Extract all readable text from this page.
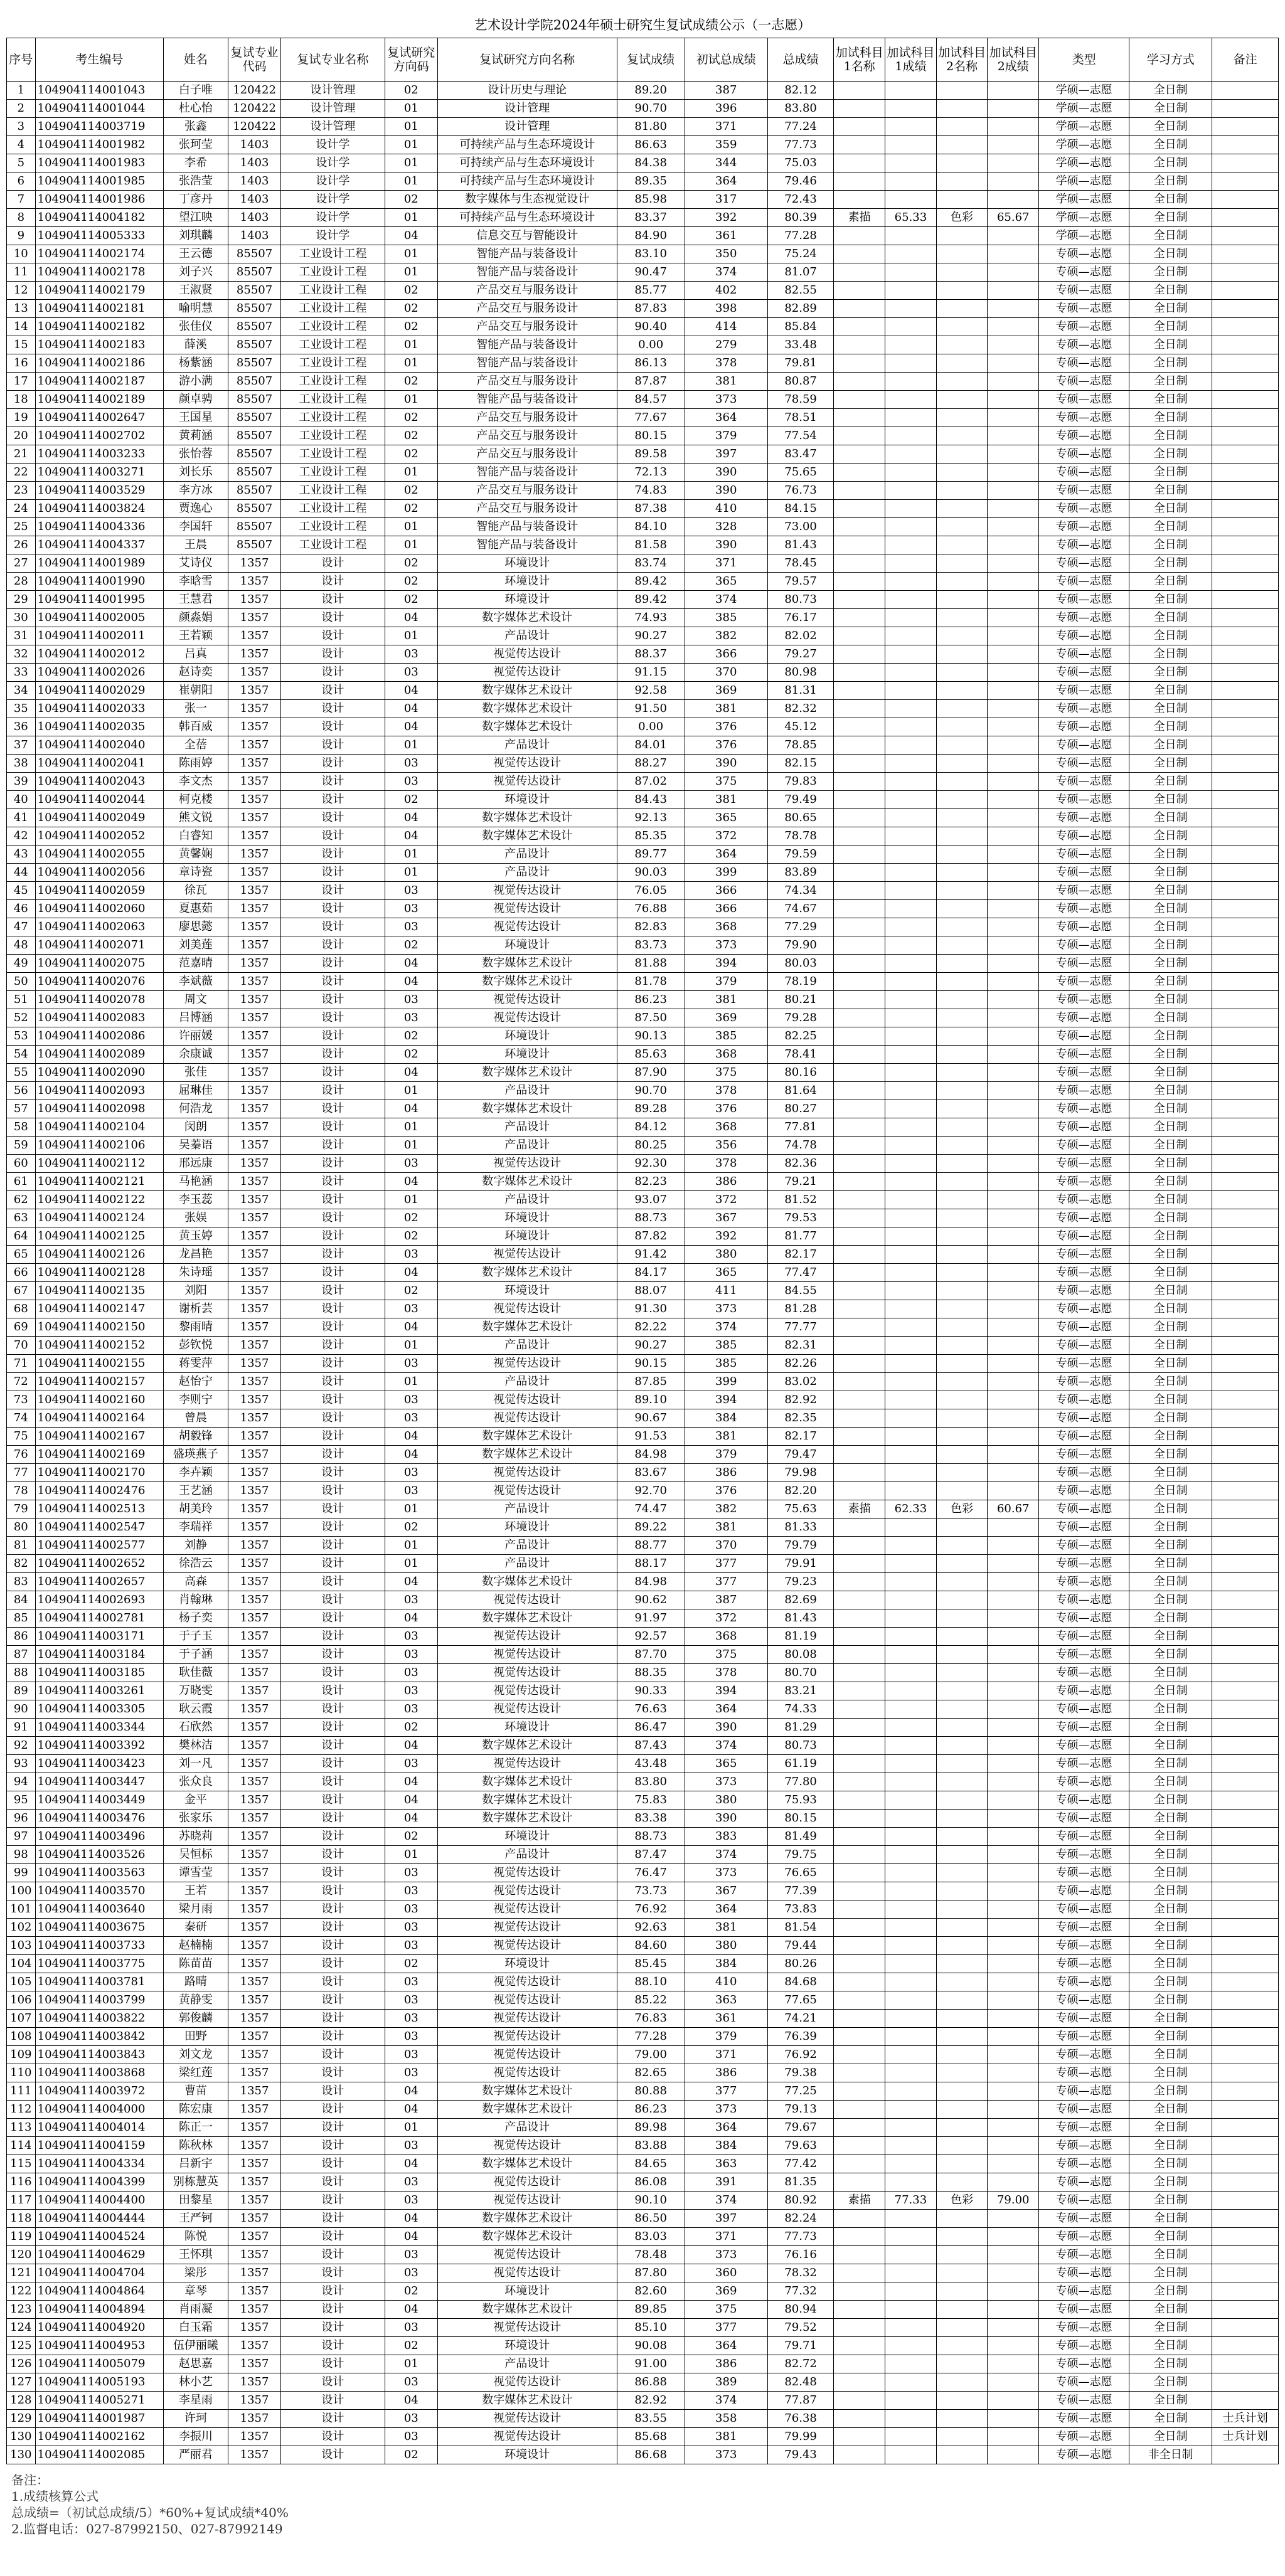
艺术设计学院2024年硕士研究生复试成绩公示（一志愿）
序号	考生编号	姓名	复试专业代码	复试专业名称	复试研究方向码	复试研究方向名称	复试成绩	初试总成绩	总成绩	加试科目1名称	加试科目1成绩	加试科目2名称	加试科目2成绩	类型	学习方式	备注
1	104904114001043	白子唯	120422	设计管理	02	设计历史与理论	89.20	387	82.12					学硕—志愿	全日制	
2	104904114001044	杜心怡	120422	设计管理	01	设计管理	90.70	396	83.80					学硕—志愿	全日制	
3	104904114003719	张鑫	120422	设计管理	01	设计管理	81.80	371	77.24					学硕—志愿	全日制	
4	104904114001982	张珂莹	1403	设计学	01	可持续产品与生态环境设计	86.63	359	77.73					学硕—志愿	全日制	
5	104904114001983	李希	1403	设计学	01	可持续产品与生态环境设计	84.38	344	75.03					学硕—志愿	全日制	
6	104904114001985	张浩莹	1403	设计学	01	可持续产品与生态环境设计	89.35	364	79.46					学硕—志愿	全日制	
7	104904114001986	丁彦丹	1403	设计学	02	数字媒体与生态视觉设计	85.98	317	72.43					学硕—志愿	全日制	
8	104904114004182	望江映	1403	设计学	01	可持续产品与生态环境设计	83.37	392	80.39	素描	65.33	色彩	65.67	学硕—志愿	全日制	
9	104904114005333	刘琪麟	1403	设计学	04	信息交互与智能设计	84.90	361	77.28					学硕—志愿	全日制	
10	104904114002174	王云德	85507	工业设计工程	01	智能产品与装备设计	83.10	350	75.24					专硕—志愿	全日制	
11	104904114002178	刘子兴	85507	工业设计工程	01	智能产品与装备设计	90.47	374	81.07					专硕—志愿	全日制	
12	104904114002179	王淑贤	85507	工业设计工程	02	产品交互与服务设计	85.77	402	82.55					专硕—志愿	全日制	
13	104904114002181	喻明慧	85507	工业设计工程	02	产品交互与服务设计	87.83	398	82.89					专硕—志愿	全日制	
14	104904114002182	张佳仪	85507	工业设计工程	02	产品交互与服务设计	90.40	414	85.84					专硕—志愿	全日制	
15	104904114002183	薛溪	85507	工业设计工程	01	智能产品与装备设计	0.00	279	33.48					专硕—志愿	全日制	
16	104904114002186	杨紫涵	85507	工业设计工程	01	智能产品与装备设计	86.13	378	79.81					专硕—志愿	全日制	
17	104904114002187	游小满	85507	工业设计工程	02	产品交互与服务设计	87.87	381	80.87					专硕—志愿	全日制	
18	104904114002189	颜卓骋	85507	工业设计工程	01	智能产品与装备设计	84.57	373	78.59					专硕—志愿	全日制	
19	104904114002647	王国星	85507	工业设计工程	02	产品交互与服务设计	77.67	364	78.51					专硕—志愿	全日制	
20	104904114002702	黄莉涵	85507	工业设计工程	02	产品交互与服务设计	80.15	379	77.54					专硕—志愿	全日制	
21	104904114003233	张怡蓉	85507	工业设计工程	02	产品交互与服务设计	89.58	397	83.47					专硕—志愿	全日制	
22	104904114003271	刘长乐	85507	工业设计工程	01	智能产品与装备设计	72.13	390	75.65					专硕—志愿	全日制	
23	104904114003529	李方冰	85507	工业设计工程	02	产品交互与服务设计	74.83	390	76.73					专硕—志愿	全日制	
24	104904114003824	贾逸心	85507	工业设计工程	02	产品交互与服务设计	87.38	410	84.15					专硕—志愿	全日制	
25	104904114004336	李国轩	85507	工业设计工程	01	智能产品与装备设计	84.10	328	73.00					专硕—志愿	全日制	
26	104904114004337	王晨	85507	工业设计工程	01	智能产品与装备设计	81.58	390	81.43					专硕—志愿	全日制	
27	104904114001989	艾诗仪	1357	设计	02	环境设计	83.74	371	78.45					专硕—志愿	全日制	
28	104904114001990	李晗雪	1357	设计	02	环境设计	89.42	365	79.57					专硕—志愿	全日制	
29	104904114001995	王慧君	1357	设计	02	环境设计	89.42	374	80.73					专硕—志愿	全日制	
30	104904114002005	颜淼娟	1357	设计	04	数字媒体艺术设计	74.93	385	76.17					专硕—志愿	全日制	
31	104904114002011	王若颖	1357	设计	01	产品设计	90.27	382	82.02					专硕—志愿	全日制	
32	104904114002012	吕真	1357	设计	03	视觉传达设计	88.37	366	79.27					专硕—志愿	全日制	
33	104904114002026	赵诗奕	1357	设计	03	视觉传达设计	91.15	370	80.98					专硕—志愿	全日制	
34	104904114002029	崔朝阳	1357	设计	04	数字媒体艺术设计	92.58	369	81.31					专硕—志愿	全日制	
35	104904114002033	张一	1357	设计	04	数字媒体艺术设计	91.50	381	82.32					专硕—志愿	全日制	
36	104904114002035	韩百威	1357	设计	04	数字媒体艺术设计	0.00	376	45.12					专硕—志愿	全日制	
37	104904114002040	全蓓	1357	设计	01	产品设计	84.01	376	78.85					专硕—志愿	全日制	
38	104904114002041	陈雨婷	1357	设计	03	视觉传达设计	88.27	390	82.15					专硕—志愿	全日制	
39	104904114002043	李文杰	1357	设计	03	视觉传达设计	87.02	375	79.83					专硕—志愿	全日制	
40	104904114002044	柯克楼	1357	设计	02	环境设计	84.43	381	79.49					专硕—志愿	全日制	
41	104904114002049	熊文锐	1357	设计	04	数字媒体艺术设计	92.13	365	80.65					专硕—志愿	全日制	
42	104904114002052	白睿知	1357	设计	04	数字媒体艺术设计	85.35	372	78.78					专硕—志愿	全日制	
43	104904114002055	黄馨娴	1357	设计	01	产品设计	89.77	364	79.59					专硕—志愿	全日制	
44	104904114002056	章诗瓷	1357	设计	01	产品设计	90.03	399	83.89					专硕—志愿	全日制	
45	104904114002059	徐瓦	1357	设计	03	视觉传达设计	76.05	366	74.34					专硕—志愿	全日制	
46	104904114002060	夏惠茹	1357	设计	03	视觉传达设计	76.88	366	74.67					专硕—志愿	全日制	
47	104904114002063	廖思懿	1357	设计	03	视觉传达设计	82.83	368	77.29					专硕—志愿	全日制	
48	104904114002071	刘美莲	1357	设计	02	环境设计	83.73	373	79.90					专硕—志愿	全日制	
49	104904114002075	范嘉晴	1357	设计	04	数字媒体艺术设计	81.88	394	80.03					专硕—志愿	全日制	
50	104904114002076	李斌薇	1357	设计	04	数字媒体艺术设计	81.78	379	78.19					专硕—志愿	全日制	
51	104904114002078	周文	1357	设计	03	视觉传达设计	86.23	381	80.21					专硕—志愿	全日制	
52	104904114002083	吕博涵	1357	设计	03	视觉传达设计	87.50	369	79.28					专硕—志愿	全日制	
53	104904114002086	许丽媛	1357	设计	02	环境设计	90.13	385	82.25					专硕—志愿	全日制	
54	104904114002089	余康诚	1357	设计	02	环境设计	85.63	368	78.41					专硕—志愿	全日制	
55	104904114002090	张佳	1357	设计	04	数字媒体艺术设计	87.90	375	80.16					专硕—志愿	全日制	
56	104904114002093	屈琳佳	1357	设计	01	产品设计	90.70	378	81.64					专硕—志愿	全日制	
57	104904114002098	何浩龙	1357	设计	04	数字媒体艺术设计	89.28	376	80.27					专硕—志愿	全日制	
58	104904114002104	闵朗	1357	设计	01	产品设计	84.12	368	77.81					专硕—志愿	全日制	
59	104904114002106	吴蓁语	1357	设计	01	产品设计	80.25	356	74.78					专硕—志愿	全日制	
60	104904114002112	邢远康	1357	设计	03	视觉传达设计	92.30	378	82.36					专硕—志愿	全日制	
61	104904114002121	马艳涵	1357	设计	04	数字媒体艺术设计	82.23	386	79.21					专硕—志愿	全日制	
62	104904114002122	李玉蕊	1357	设计	01	产品设计	93.07	372	81.52					专硕—志愿	全日制	
63	104904114002124	张娱	1357	设计	02	环境设计	88.73	367	79.53					专硕—志愿	全日制	
64	104904114002125	黄玉婷	1357	设计	02	环境设计	87.82	392	81.77					专硕—志愿	全日制	
65	104904114002126	龙昌艳	1357	设计	03	视觉传达设计	91.42	380	82.17					专硕—志愿	全日制	
66	104904114002128	朱诗瑶	1357	设计	04	数字媒体艺术设计	84.17	365	77.47					专硕—志愿	全日制	
67	104904114002135	刘阳	1357	设计	02	环境设计	88.07	411	84.55					专硕—志愿	全日制	
68	104904114002147	谢析芸	1357	设计	03	视觉传达设计	91.30	373	81.28					专硕—志愿	全日制	
69	104904114002150	黎雨晴	1357	设计	04	数字媒体艺术设计	82.22	374	77.77					专硕—志愿	全日制	
70	104904114002152	彭钦悦	1357	设计	01	产品设计	90.27	385	82.31					专硕—志愿	全日制	
71	104904114002155	蒋雯萍	1357	设计	03	视觉传达设计	90.15	385	82.26					专硕—志愿	全日制	
72	104904114002157	赵怡宁	1357	设计	01	产品设计	87.85	399	83.02					专硕—志愿	全日制	
73	104904114002160	李则宁	1357	设计	03	视觉传达设计	89.10	394	82.92					专硕—志愿	全日制	
74	104904114002164	曾晨	1357	设计	03	视觉传达设计	90.67	384	82.35					专硕—志愿	全日制	
75	104904114002167	胡毅锋	1357	设计	04	数字媒体艺术设计	91.53	381	82.17					专硕—志愿	全日制	
76	104904114002169	盛瑛燕子	1357	设计	04	数字媒体艺术设计	84.98	379	79.47					专硕—志愿	全日制	
77	104904114002170	李卉颖	1357	设计	03	视觉传达设计	83.67	386	79.98					专硕—志愿	全日制	
78	104904114002476	王艺涵	1357	设计	03	视觉传达设计	92.70	376	82.20					专硕—志愿	全日制	
79	104904114002513	胡美玲	1357	设计	01	产品设计	74.47	382	75.63	素描	62.33	色彩	60.67	专硕—志愿	全日制	
80	104904114002547	李瑞祥	1357	设计	02	环境设计	89.22	381	81.33					专硕—志愿	全日制	
81	104904114002577	刘静	1357	设计	01	产品设计	88.77	370	79.79					专硕—志愿	全日制	
82	104904114002652	徐浩云	1357	设计	01	产品设计	88.17	377	79.91					专硕—志愿	全日制	
83	104904114002657	高森	1357	设计	04	数字媒体艺术设计	84.98	377	79.23					专硕—志愿	全日制	
84	104904114002693	肖翰琳	1357	设计	03	视觉传达设计	90.62	387	82.69					专硕—志愿	全日制	
85	104904114002781	杨子奕	1357	设计	04	数字媒体艺术设计	91.97	372	81.43					专硕—志愿	全日制	
86	104904114003171	于子玉	1357	设计	03	视觉传达设计	92.57	368	81.19					专硕—志愿	全日制	
87	104904114003184	于子涵	1357	设计	03	视觉传达设计	87.70	375	80.08					专硕—志愿	全日制	
88	104904114003185	耿佳薇	1357	设计	03	视觉传达设计	88.35	378	80.70					专硕—志愿	全日制	
89	104904114003261	万晓雯	1357	设计	03	视觉传达设计	90.33	394	83.21					专硕—志愿	全日制	
90	104904114003305	耿云霞	1357	设计	03	视觉传达设计	76.63	364	74.33					专硕—志愿	全日制	
91	104904114003344	石欣然	1357	设计	02	环境设计	86.47	390	81.29					专硕—志愿	全日制	
92	104904114003392	樊林洁	1357	设计	04	数字媒体艺术设计	87.43	374	80.73					专硕—志愿	全日制	
93	104904114003423	刘一凡	1357	设计	03	视觉传达设计	43.48	365	61.19					专硕—志愿	全日制	
94	104904114003447	张众良	1357	设计	04	数字媒体艺术设计	83.80	373	77.80					专硕—志愿	全日制	
95	104904114003449	金平	1357	设计	04	数字媒体艺术设计	75.83	380	75.93					专硕—志愿	全日制	
96	104904114003476	张家乐	1357	设计	04	数字媒体艺术设计	83.38	390	80.15					专硕—志愿	全日制	
97	104904114003496	苏晓莉	1357	设计	02	环境设计	88.73	383	81.49					专硕—志愿	全日制	
98	104904114003526	吴恒标	1357	设计	01	产品设计	87.47	374	79.75					专硕—志愿	全日制	
99	104904114003563	谭雪莹	1357	设计	03	视觉传达设计	76.47	373	76.65					专硕—志愿	全日制	
100	104904114003570	王若	1357	设计	03	视觉传达设计	73.73	367	77.39					专硕—志愿	全日制	
101	104904114003640	梁月雨	1357	设计	03	视觉传达设计	76.92	364	73.83					专硕—志愿	全日制	
102	104904114003675	秦研	1357	设计	03	视觉传达设计	92.63	381	81.54					专硕—志愿	全日制	
103	104904114003733	赵楠楠	1357	设计	03	视觉传达设计	84.60	380	79.44					专硕—志愿	全日制	
104	104904114003775	陈苗苗	1357	设计	02	环境设计	85.45	384	80.26					专硕—志愿	全日制	
105	104904114003781	路晴	1357	设计	03	视觉传达设计	88.10	410	84.68					专硕—志愿	全日制	
106	104904114003799	黄静雯	1357	设计	03	视觉传达设计	85.22	363	77.65					专硕—志愿	全日制	
107	104904114003822	郭俊麟	1357	设计	03	视觉传达设计	76.83	361	74.21					专硕—志愿	全日制	
108	104904114003842	田野	1357	设计	03	视觉传达设计	77.28	379	76.39					专硕—志愿	全日制	
109	104904114003843	刘文龙	1357	设计	03	视觉传达设计	79.00	371	76.92					专硕—志愿	全日制	
110	104904114003868	梁红莲	1357	设计	03	视觉传达设计	82.65	386	79.38					专硕—志愿	全日制	
111	104904114003972	曹苗	1357	设计	04	数字媒体艺术设计	80.88	377	77.25					专硕—志愿	全日制	
112	104904114004000	陈宏康	1357	设计	04	数字媒体艺术设计	86.23	373	79.13					专硕—志愿	全日制	
113	104904114004014	陈正一	1357	设计	01	产品设计	89.98	364	79.67					专硕—志愿	全日制	
114	104904114004159	陈秋林	1357	设计	03	视觉传达设计	83.88	384	79.63					专硕—志愿	全日制	
115	104904114004334	吕新宇	1357	设计	04	数字媒体艺术设计	84.65	363	77.42					专硕—志愿	全日制	
116	104904114004399	别栋慧英	1357	设计	03	视觉传达设计	86.08	391	81.35					专硕—志愿	全日制	
117	104904114004400	田黎星	1357	设计	03	视觉传达设计	90.10	374	80.92	素描	77.33	色彩	79.00	专硕—志愿	全日制	
118	104904114004444	王严钶	1357	设计	04	数字媒体艺术设计	86.50	397	82.24					专硕—志愿	全日制	
119	104904114004524	陈悦	1357	设计	04	数字媒体艺术设计	83.03	371	77.73					专硕—志愿	全日制	
120	104904114004629	王怀琪	1357	设计	03	视觉传达设计	78.48	373	76.16					专硕—志愿	全日制	
121	104904114004704	梁彤	1357	设计	03	视觉传达设计	87.80	360	78.32					专硕—志愿	全日制	
122	104904114004864	章琴	1357	设计	02	环境设计	82.60	369	77.32					专硕—志愿	全日制	
123	104904114004894	肖雨凝	1357	设计	04	数字媒体艺术设计	89.85	375	80.94					专硕—志愿	全日制	
124	104904114004920	白玉霜	1357	设计	03	视觉传达设计	85.10	377	79.52					专硕—志愿	全日制	
125	104904114004953	伍伊丽曦	1357	设计	02	环境设计	90.08	364	79.71					专硕—志愿	全日制	
126	104904114005079	赵思嘉	1357	设计	01	产品设计	91.00	386	82.72					专硕—志愿	全日制	
127	104904114005193	林小艺	1357	设计	03	视觉传达设计	86.88	389	82.48					专硕—志愿	全日制	
128	104904114005271	李星雨	1357	设计	04	数字媒体艺术设计	82.92	374	77.87					专硕—志愿	全日制	
129	104904114001987	许珂	1357	设计	03	视觉传达设计	83.55	358	76.38					专硕—志愿	全日制	士兵计划
130	104904114002162	李振川	1357	设计	03	视觉传达设计	85.68	381	79.99					专硕—志愿	全日制	士兵计划
130	104904114002085	严丽君	1357	设计	02	环境设计	86.68	373	79.43					专硕—志愿	非全日制	
备注：
1.成绩核算公式
总成绩=（初试总成绩/5）*60%+复试成绩*40%
2.监督电话：027-87992150、027-87992149
